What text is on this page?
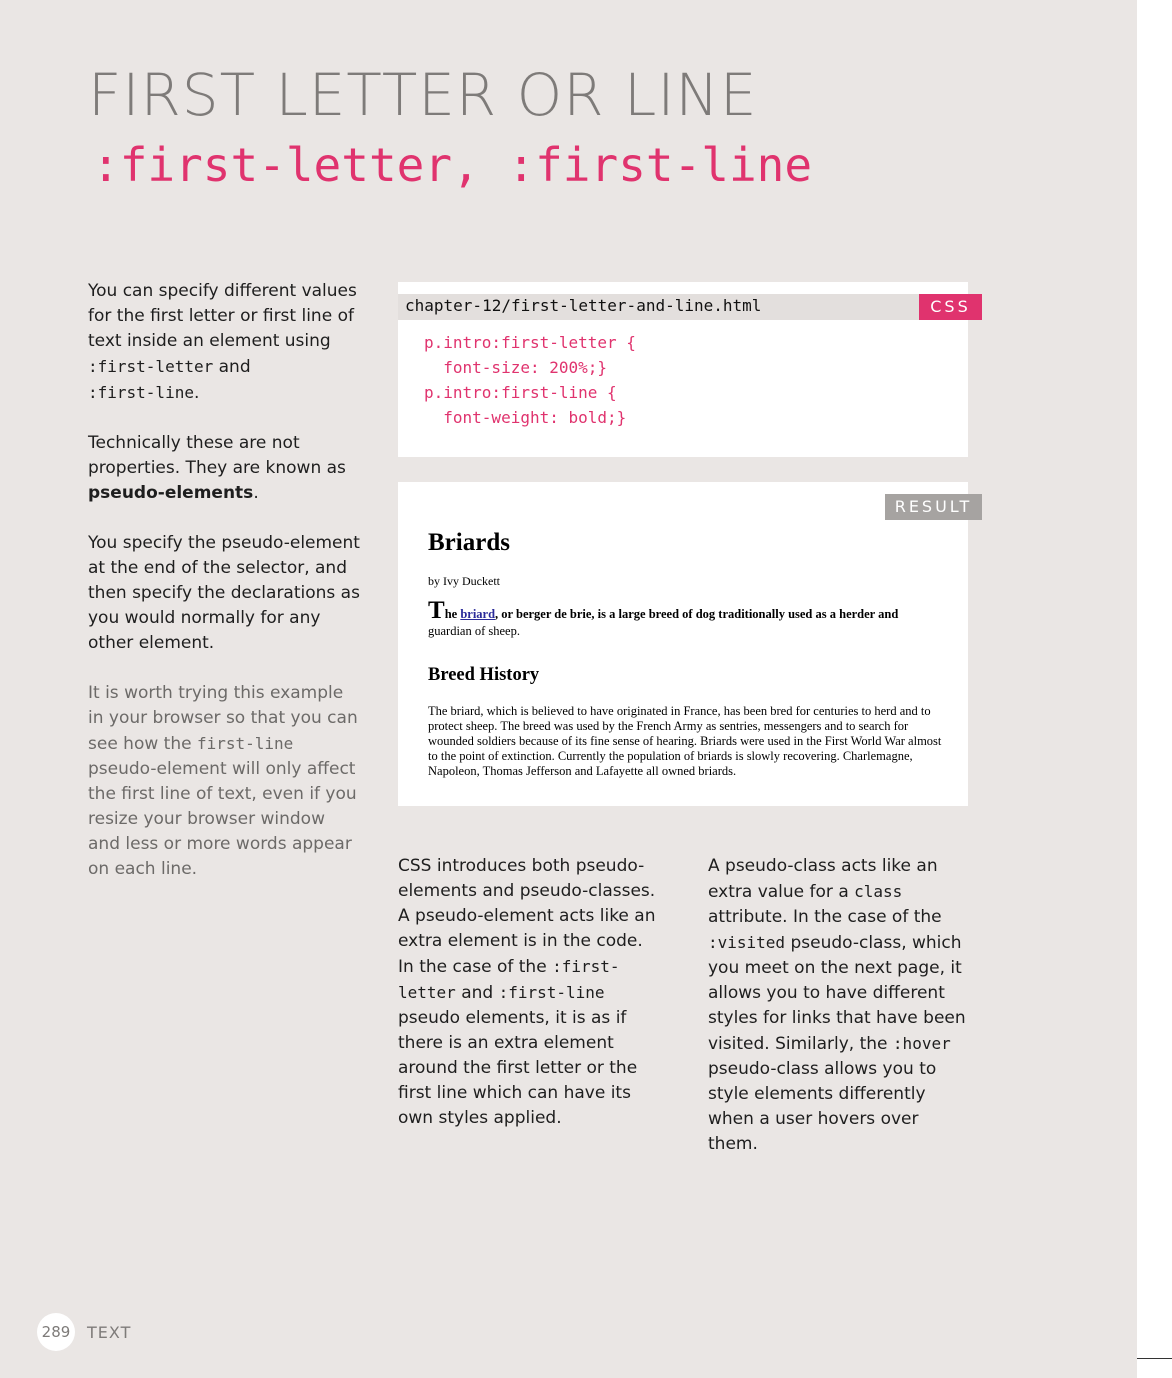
FIRST LETTER OR LINE
:first-letter, :first-line

You can specify different values for the first letter or first line of text inside an element using
:first-letter and
:first-line.

Technically these are not properties. They are known as pseudo-elements.

You specify the pseudo-element at the end of the selector, and then specify the declarations as you would normally for any other element.

It is worth trying this example in your browser so that you can see how the first-line pseudo-element will only affect the first line of text, even if you resize your browser window and less or more words appear on each line.

chapter-12/first-letter-and-line.html	CSS
p.intro:first-letter {
font-size: 200%;}
p.intro:first-line {
font-weight: bold;}
RESULT
Briards
by Ivy Duckett

The briard, or berger de brie, is a large breed of dog traditionally used as a herder and
guardian of sheep.

Breed History

The briard, which is believed to have originated in France, has been bred for centuries to herd and to protect sheep. The breed was used by the French Army as sentries, messengers and to search for wounded soldiers because of its fine sense of hearing. Briards were used in the First World War almost to the point of extinction. Currently the population of briards is slowly recovering. Charlemagne, Napoleon, Thomas Jefferson and Lafayette all owned briards.

CSS introduces both pseudo-elements and pseudo-classes. A pseudo-element acts like an extra element is in the code. In the case of the :first-letter and :first-line pseudo elements, it is as if there is an extra element around the first letter or the first line which can have its own styles applied.

A pseudo-class acts like an extra value for a class attribute. In the case of the :visited pseudo-class, which you meet on the next page, it allows you to have different styles for links that have been visited. Similarly, the :hover pseudo-class allows you to style elements differently when a user hovers over them.

289 TEXT
